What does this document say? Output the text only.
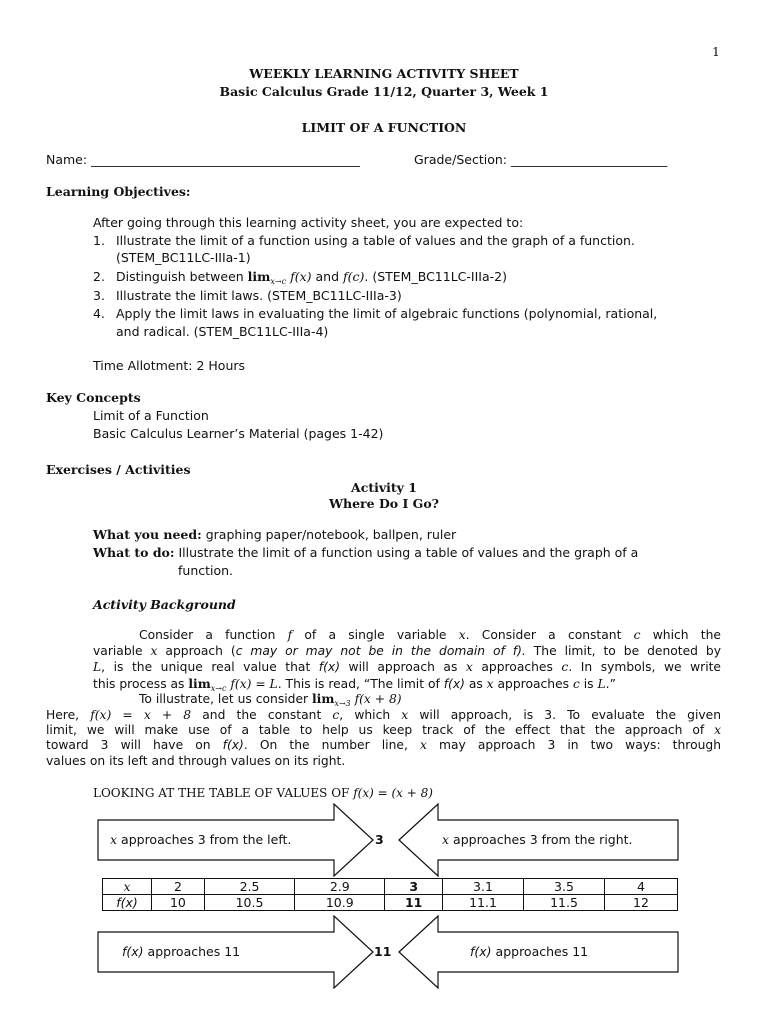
1
WEEKLY LEARNING ACTIVITY SHEET
Basic Calculus Grade 11/12, Quarter 3, Week 1
LIMIT OF A FUNCTION
Name: ___________________________________________	Grade/Section: _________________________
Learning Objectives:
After going through this learning activity sheet, you are expected to:
1. Illustrate the limit of a function using a table of values and the graph of a function.
(STEM_BC11LC-IIIa-1)
2. Distinguish between $\lim_{x\to c} f(x)$ and f(c). (STEM_BC11LC-IIIa-2)
3. Illustrate the limit laws. (STEM_BC11LC-IIIa-3)
4. Apply the limit laws in evaluating the limit of algebraic functions (polynomial, rational,
and radical. (STEM_BC11LC-IIIa-4)
Time Allotment: 2 Hours
Key Concepts
Limit of a Function
Basic Calculus Learner’s Material (pages 1-42)
Exercises / Activities
Activity 1
Where Do I Go?
What you need: graphing paper/notebook, ballpen, ruler
What to do: Illustrate the limit of a function using a table of values and the graph of a
function.
Activity Background
Consider a function f of a single variable x. Consider a constant c which the
variable x approach (c may or may not be in the domain of f). The limit, to be denoted by
L, is the unique real value that f(x) will approach as x approaches c. In symbols, we write
this process as $\lim_{x\to c} f(x) = L$. This is read, “The limit of f(x) as x approaches c is L.”
To illustrate, let us consider $\lim_{x\to 3} f(x + 8)$
Here, f(x) = x + 8 and the constant c, which x will approach, is 3. To evaluate the given
limit, we will make use of a table to help us keep track of the effect that the approach of x
toward 3 will have on f(x). On the number line, x may approach 3 in two ways: through
values on its left and through values on its right.
LOOKING AT THE TABLE OF VALUES OF f(x) = (x + 8)
x approaches 3 from the left.	3	x approaches 3 from the right.
x	2	2.5	2.9	3	3.1	3.5	4
f(x)	10	10.5	10.9	11	11.1	11.5	12
f(x) approaches 11	11	f(x) approaches 11
